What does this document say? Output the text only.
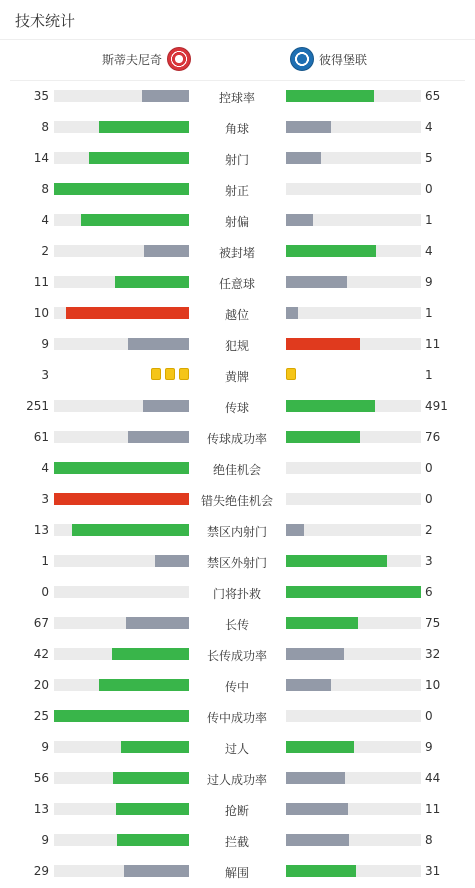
技术统计
斯蒂夫尼奇	彼得堡联
35	控球率	65
8	角球	4
14	射门	5
8	射正	0
4	射偏	1
2	被封堵	4
11	任意球	9
10	越位	1
9	犯规	11
3	黄牌	1
251	传球	491
61	传球成功率	76
4	绝佳机会	0
3	错失绝佳机会	0
13	禁区内射门	2
1	禁区外射门	3
0	门将扑救	6
67	长传	75
42	长传成功率	32
20	传中	10
25	传中成功率	0
9	过人	9
56	过人成功率	44
13	抢断	11
9	拦截	8
29	解围	31
